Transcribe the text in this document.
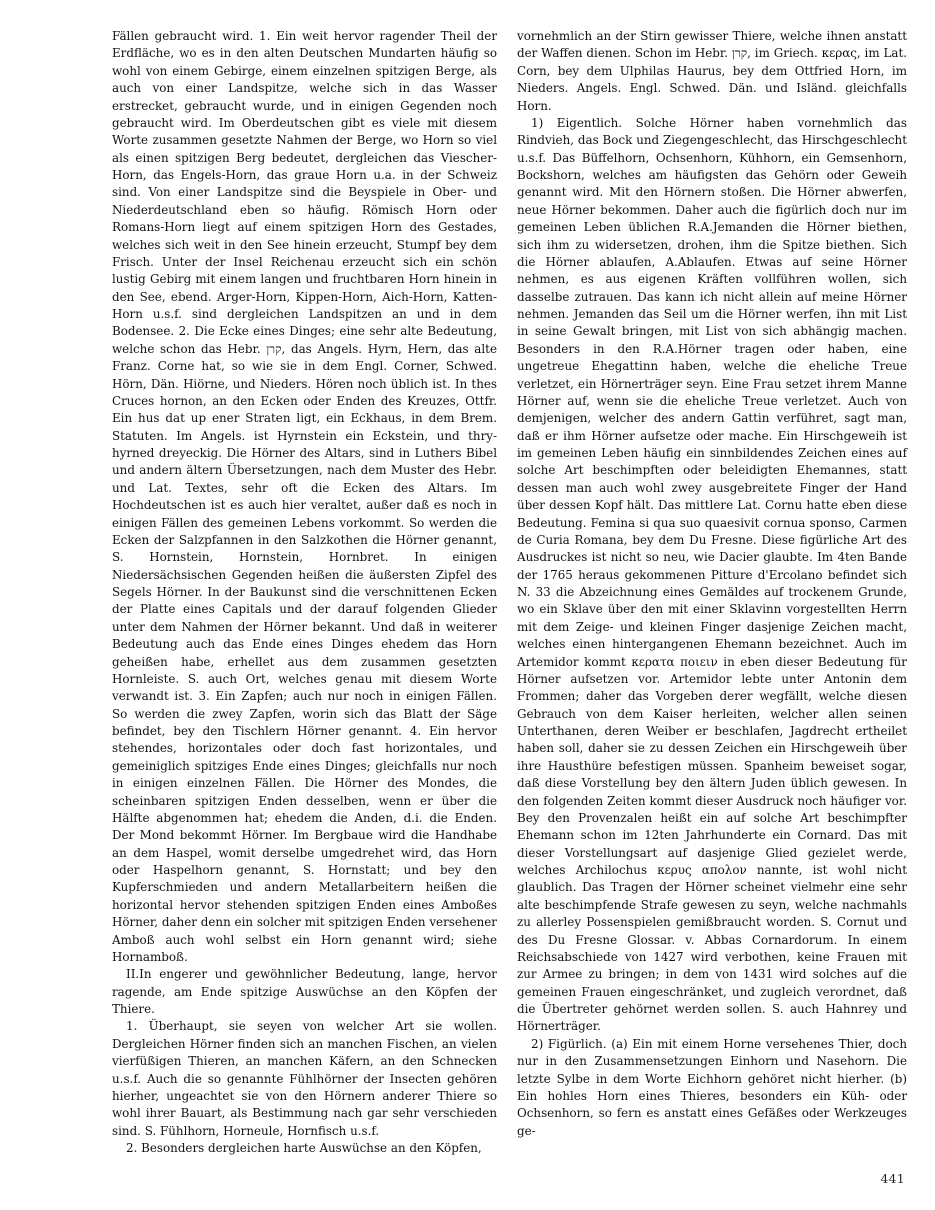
Fällen gebraucht wird. 1. Ein weit hervor ragender Theil der Erdfläche, wo es in den alten Deutschen Mundarten häufig so wohl von einem Gebirge, einem einzelnen spitzigen Berge, als auch von einer Landspitze, welche sich in das Wasser erstrecket, gebraucht wurde, und in einigen Gegenden noch gebraucht wird. Im Oberdeutschen gibt es viele mit diesem Worte zusammen gesetzte Nahmen der Berge, wo Horn so viel als einen spitzigen Berg bedeutet, dergleichen das Viescher-Horn, das Engels-Horn, das graue Horn u.a. in der Schweiz sind. Von einer Landspitze sind die Beyspiele in Ober- und Niederdeutschland eben so häufig. Römisch Horn oder Romans-Horn liegt auf einem spitzigen Horn des Gestades, welches sich weit in den See hinein erzeucht, Stumpf bey dem Frisch. Unter der Insel Reichenau erzeucht sich ein schön lustig Gebirg mit einem langen und fruchtbaren Horn hinein in den See, ebend. Arger-Horn, Kippen-Horn, Aich-Horn, Katten-Horn u.s.f. sind dergleichen Landspitzen an und in dem Bodensee. 2. Die Ecke eines Dinges; eine sehr alte Bedeutung, welche schon das Hebr. קרן, das Angels. Hyrn, Hern, das alte Franz. Corne hat, so wie sie in dem Engl. Corner, Schwed. Hörn, Dän. Hiörne, und Nieders. Hören noch üblich ist. In thes Cruces hornon, an den Ecken oder Enden des Kreuzes, Ottfr. Ein hus dat up ener Straten ligt, ein Eckhaus, in dem Brem. Statuten. Im Angels. ist Hyrnstein ein Eckstein, und thry-hyrned dreyeckig. Die Hörner des Altars, sind in Luthers Bibel und andern ältern Übersetzungen, nach dem Muster des Hebr. und Lat. Textes, sehr oft die Ecken des Altars. Im Hochdeutschen ist es auch hier veraltet, außer daß es noch in einigen Fällen des gemeinen Lebens vorkommt. So werden die Ecken der Salzpfannen in den Salzkothen die Hörner genannt, S. Hornstein, Hornstein, Hornbret. In einigen Niedersächsischen Gegenden heißen die äußersten Zipfel des Segels Hörner. In der Baukunst sind die verschnittenen Ecken der Platte eines Capitals und der darauf folgenden Glieder unter dem Nahmen der Hörner bekannt. Und daß in weiterer Bedeutung auch das Ende eines Dinges ehedem das Horn geheißen habe, erhellet aus dem zusammen gesetzten Hornleiste. S. auch Ort, welches genau mit diesem Worte verwandt ist. 3. Ein Zapfen; auch nur noch in einigen Fällen. So werden die zwey Zapfen, worin sich das Blatt der Säge befindet, bey den Tischlern Hörner genannt. 4. Ein hervor stehendes, horizontales oder doch fast horizontales, und gemeiniglich spitziges Ende eines Dinges; gleichfalls nur noch in einigen einzelnen Fällen. Die Hörner des Mondes, die scheinbaren spitzigen Enden desselben, wenn er über die Hälfte abgenommen hat; ehedem die Anden, d.i. die Enden. Der Mond bekommt Hörner. Im Bergbaue wird die Handhabe an dem Haspel, womit derselbe umgedrehet wird, das Horn oder Haspelhorn genannt, S. Hornstatt; und bey den Kupferschmieden und andern Metallarbeitern heißen die horizontal hervor stehenden spitzigen Enden eines Amboßes Hörner, daher denn ein solcher mit spitzigen Enden versehener Amboß auch wohl selbst ein Horn genannt wird; siehe Hornamboß.

II.In engerer und gewöhnlicher Bedeutung, lange, hervor ragende, am Ende spitzige Auswüchse an den Köpfen der Thiere.

1. Überhaupt, sie seyen von welcher Art sie wollen. Dergleichen Hörner finden sich an manchen Fischen, an vielen vierfüßigen Thieren, an manchen Käfern, an den Schnecken u.s.f. Auch die so genannte Fühlhörner der Insecten gehören hierher, ungeachtet sie von den Hörnern anderer Thiere so wohl ihrer Bauart, als Bestimmung nach gar sehr verschieden sind. S. Fühlhorn, Horneule, Hornfisch u.s.f.

2. Besonders dergleichen harte Auswüchse an den Köpfen,

vornehmlich an der Stirn gewisser Thiere, welche ihnen anstatt der Waffen dienen. Schon im Hebr. קרן, im Griech. κερας, im Lat. Corn, bey dem Ulphilas Haurus, bey dem Ottfried Horn, im Nieders. Angels. Engl. Schwed. Dän. und Isländ. gleichfalls Horn.

1) Eigentlich. Solche Hörner haben vornehmlich das Rindvieh, das Bock und Ziegengeschlecht, das Hirschgeschlecht u.s.f. Das Büffelhorn, Ochsenhorn, Kühhorn, ein Gemsenhorn, Bockshorn, welches am häufigsten das Gehörn oder Geweih genannt wird. Mit den Hörnern stoßen. Die Hörner abwerfen, neue Hörner bekommen. Daher auch die figürlich doch nur im gemeinen Leben üblichen R.A.Jemanden die Hörner biethen, sich ihm zu widersetzen, drohen, ihm die Spitze biethen. Sich die Hörner ablaufen, A.Ablaufen. Etwas auf seine Hörner nehmen, es aus eigenen Kräften vollführen wollen, sich dasselbe zutrauen. Das kann ich nicht allein auf meine Hörner nehmen. Jemanden das Seil um die Hörner werfen, ihn mit List in seine Gewalt bringen, mit List von sich abhängig machen. Besonders in den R.A.Hörner tragen oder haben, eine ungetreue Ehegattinn haben, welche die eheliche Treue verletzet, ein Hörnerträger seyn. Eine Frau setzet ihrem Manne Hörner auf, wenn sie die eheliche Treue verletzet. Auch von demjenigen, welcher des andern Gattin verführet, sagt man, daß er ihm Hörner aufsetze oder mache. Ein Hirschgeweih ist im gemeinen Leben häufig ein sinnbildendes Zeichen eines auf solche Art beschimpften oder beleidigten Ehemannes, statt dessen man auch wohl zwey ausgebreitete Finger der Hand über dessen Kopf hält. Das mittlere Lat. Cornu hatte eben diese Bedeutung. Femina si qua suo quaesivit cornua sponso, Carmen de Curia Romana, bey dem Du Fresne. Diese figürliche Art des Ausdruckes ist nicht so neu, wie Dacier glaubte. Im 4ten Bande der 1765 heraus gekommenen Pitture d'Ercolano befindet sich N. 33 die Abzeichnung eines Gemäldes auf trockenem Grunde, wo ein Sklave über den mit einer Sklavinn vorgestellten Herrn mit dem Zeige- und kleinen Finger dasjenige Zeichen macht, welches einen hintergangenen Ehemann bezeichnet. Auch im Artemidor kommt κερατα ποιειν in eben dieser Bedeutung für Hörner aufsetzen vor. Artemidor lebte unter Antonin dem Frommen; daher das Vorgeben derer wegfällt, welche diesen Gebrauch von dem Kaiser herleiten, welcher allen seinen Unterthanen, deren Weiber er beschlafen, Jagdrecht ertheilet haben soll, daher sie zu dessen Zeichen ein Hirschgeweih über ihre Hausthüre befestigen müssen. Spanheim beweiset sogar, daß diese Vorstellung bey den ältern Juden üblich gewesen. In den folgenden Zeiten kommt dieser Ausdruck noch häufiger vor. Bey den Provenzalen heißt ein auf solche Art beschimpfter Ehemann schon im 12ten Jahrhunderte ein Cornard. Das mit dieser Vorstellungsart auf dasjenige Glied gezielet werde, welches Archilochus κερυς απολον nannte, ist wohl nicht glaublich. Das Tragen der Hörner scheinet vielmehr eine sehr alte beschimpfende Strafe gewesen zu seyn, welche nachmahls zu allerley Possenspielen gemißbraucht worden. S. Cornut und des Du Fresne Glossar. v. Abbas Cornardorum. In einem Reichsabschiede von 1427 wird verbothen, keine Frauen mit zur Armee zu bringen; in dem von 1431 wird solches auf die gemeinen Frauen eingeschränket, und zugleich verordnet, daß die Übertreter gehörnet werden sollen. S. auch Hahnrey und Hörnerträger.

2) Figürlich. (a) Ein mit einem Horne versehenes Thier, doch nur in den Zusammensetzungen Einhorn und Nasehorn. Die letzte Sylbe in dem Worte Eichhorn gehöret nicht hierher. (b) Ein hohles Horn eines Thieres, besonders ein Küh- oder Ochsenhorn, so fern es anstatt eines Gefäßes oder Werkzeuges ge-

441
